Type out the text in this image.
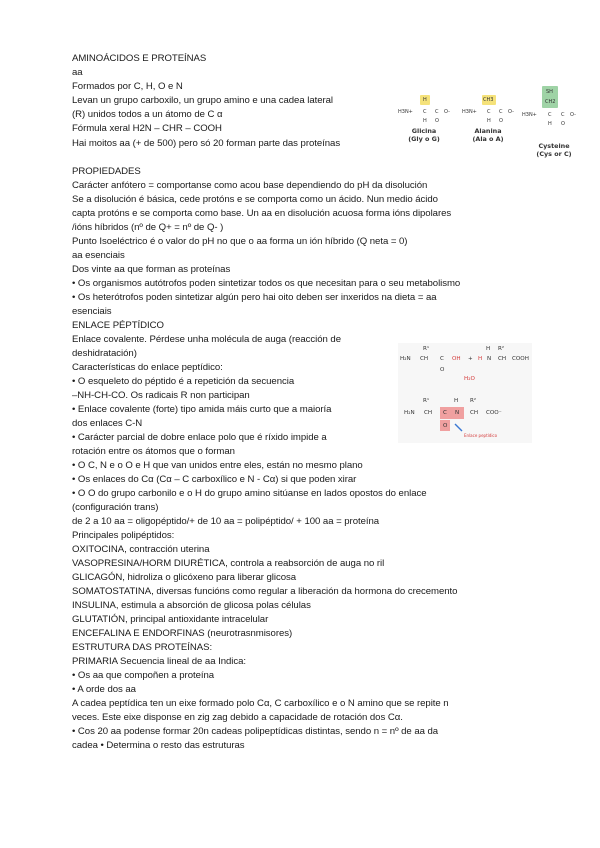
AMINOÁCIDOS E PROTEÍNAS
aa
Formados por C, H, O e N
Levan un grupo carboxilo, un grupo amino e una cadea lateral
(R) unidos todos a un átomo de C α
Fórmula xeral H2N – CHR – COOH
Hai moitos aa (+ de 500) pero só 20 forman parte das proteínas
PROPIEDADES
Carácter anfótero = comportanse como acou base dependiendo do pH da disolución
Se a disolución é básica, cede protóns e se comporta como un ácido. Nun medio ácido
capta protóns e se comporta como base. Un aa en disolución acuosa forma ións dipolares
/ións híbridos (nº de Q+ = nº de Q- )
Punto Isoeléctrico é o valor do pH no que o aa forma un ión híbrido (Q neta = 0)
aa esenciais
Dos vinte aa que forman as proteínas
• Os organismos autótrofos poden sintetizar todos os que necesitan para o seu metabolismo
• Os heterótrofos poden sintetizar algún pero hai oito deben ser inxeridos na dieta = aa
esenciais
ENLACE PÉPTÍDICO
Enlace covalente. Pérdese unha molécula de auga (reacción de
deshidratación)
Características do enlace peptídico:
• O esqueleto do péptido é a repetición da secuencia
–NH-CH-CO. Os radicais R non participan
• Enlace covalente (forte) tipo amida máis curto que a maioría
dos enlaces C-N
• Carácter parcial de dobre enlace polo que é ríxido impide a
rotación entre os átomos que o forman
• O C, N e o O e H que van unidos entre eles, están no mesmo plano
• Os enlaces do Cα (Cα – C carboxílico e N - Cα) si que poden xirar
• O O do grupo carbonilo e o H do grupo amino sitúanse en lados opostos do enlace
(configuración trans)
de 2 a 10 aa = oligopéptido/+ de 10 aa = polipéptido/ + 100 aa = proteína
Principales polipéptidos:
OXITOCINA, contracción uterina
VASOPRESINA/HORM DIURÉTICA, controla a reabsorción de auga no ril
GLICAGÓN, hidroliza o glicóxeno para liberar glicosa
SOMATOSTATINA, diversas funcións como regular a liberación da hormona do crecemento
INSULINA, estimula a absorción de glicosa polas células
GLUTATIÓN, principal antioxidante intracelular
ENCEFALINA E ENDORFINAS (neurotrasnmisores)
ESTRUTURA DAS PROTEÍNAS:
PRIMARIA Secuencia lineal de aa Indica:
• Os aa que compoñen a proteína
• A orde dos aa
A cadea peptídica ten un eixe formado polo Cα, C carboxílico e o N amino que se repite n
veces. Este eixe disponse en zig zag debido a capacidade de rotación dos Cα.
• Cos 20 aa podense formar 20n cadeas polipeptídicas distintas, sendo n = nº de aa da
cadea • Determina o resto das estruturas
H
H3N+ C C O-
H O
Glicina
(Gly o G)
CH3
H3N+ C C O-
H O
Alanina
(Ala o A)
SH
CH2
H3N+ C C O-
H O
Cysteine
(Cys or C)
R¹	H R²
H₂N CH C OH + H N CH COOH
O
H₂O
R¹	H R²
H₂N CH C N CH COO⁻
O
Enlace peptídico
